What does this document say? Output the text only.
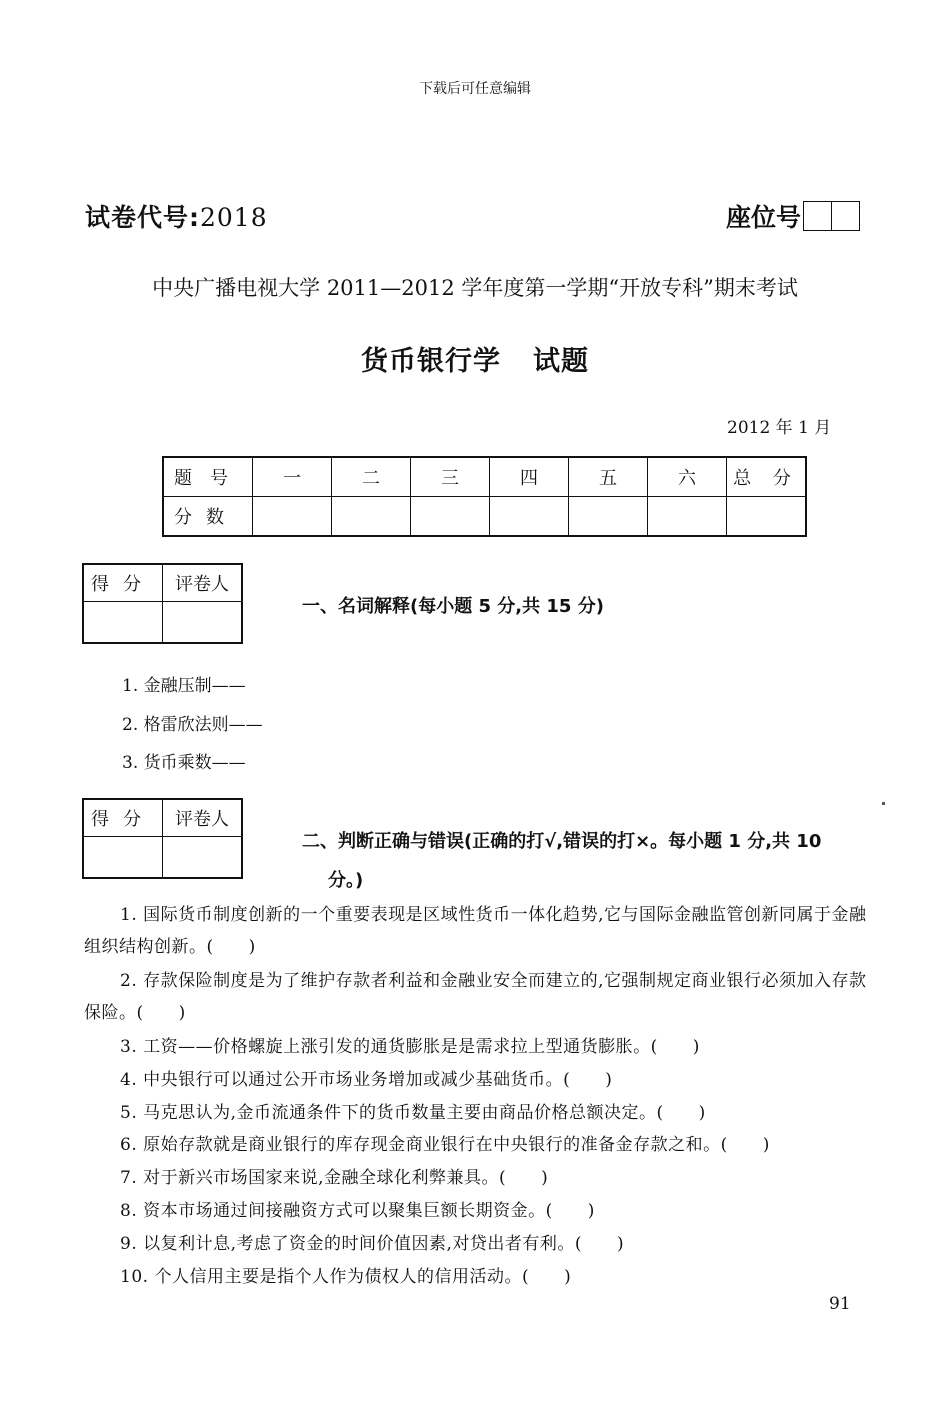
下载后可任意编辑
试卷代号:2018	座位号
中央广播电视大学 2011—2012 学年度第一学期“开放专科”期末考试
货币银行学 试题
2012 年 1 月
题号	一	二	三	四	五	六	总 分
分数							
得分	评卷人

一、名词解释(每小题 5 分,共 15 分)
1. 金融压制——
2. 格雷欣法则——
3. 货币乘数——
得分	评卷人

二、判断正确与错误(正确的打√,错误的打×。每小题 1 分,共 10
分。)
1. 国际货币制度创新的一个重要表现是区域性货币一体化趋势,它与国际金融监管创新同属于金融组织结构创新。(　　)
2. 存款保险制度是为了维护存款者利益和金融业安全而建立的,它强制规定商业银行必须加入存款保险。(　　)
3. 工资——价格螺旋上涨引发的通货膨胀是是需求拉上型通货膨胀。(　　)
4. 中央银行可以通过公开市场业务增加或减少基础货币。(　　)
5. 马克思认为,金币流通条件下的货币数量主要由商品价格总额决定。(　　)
6. 原始存款就是商业银行的库存现金商业银行在中央银行的准备金存款之和。(　　)
7. 对于新兴市场国家来说,金融全球化利弊兼具。(　　)
8. 资本市场通过间接融资方式可以聚集巨额长期资金。(　　)
9. 以复利计息,考虑了资金的时间价值因素,对贷出者有利。(　　)
10. 个人信用主要是指个人作为债权人的信用活动。(　　)
91
